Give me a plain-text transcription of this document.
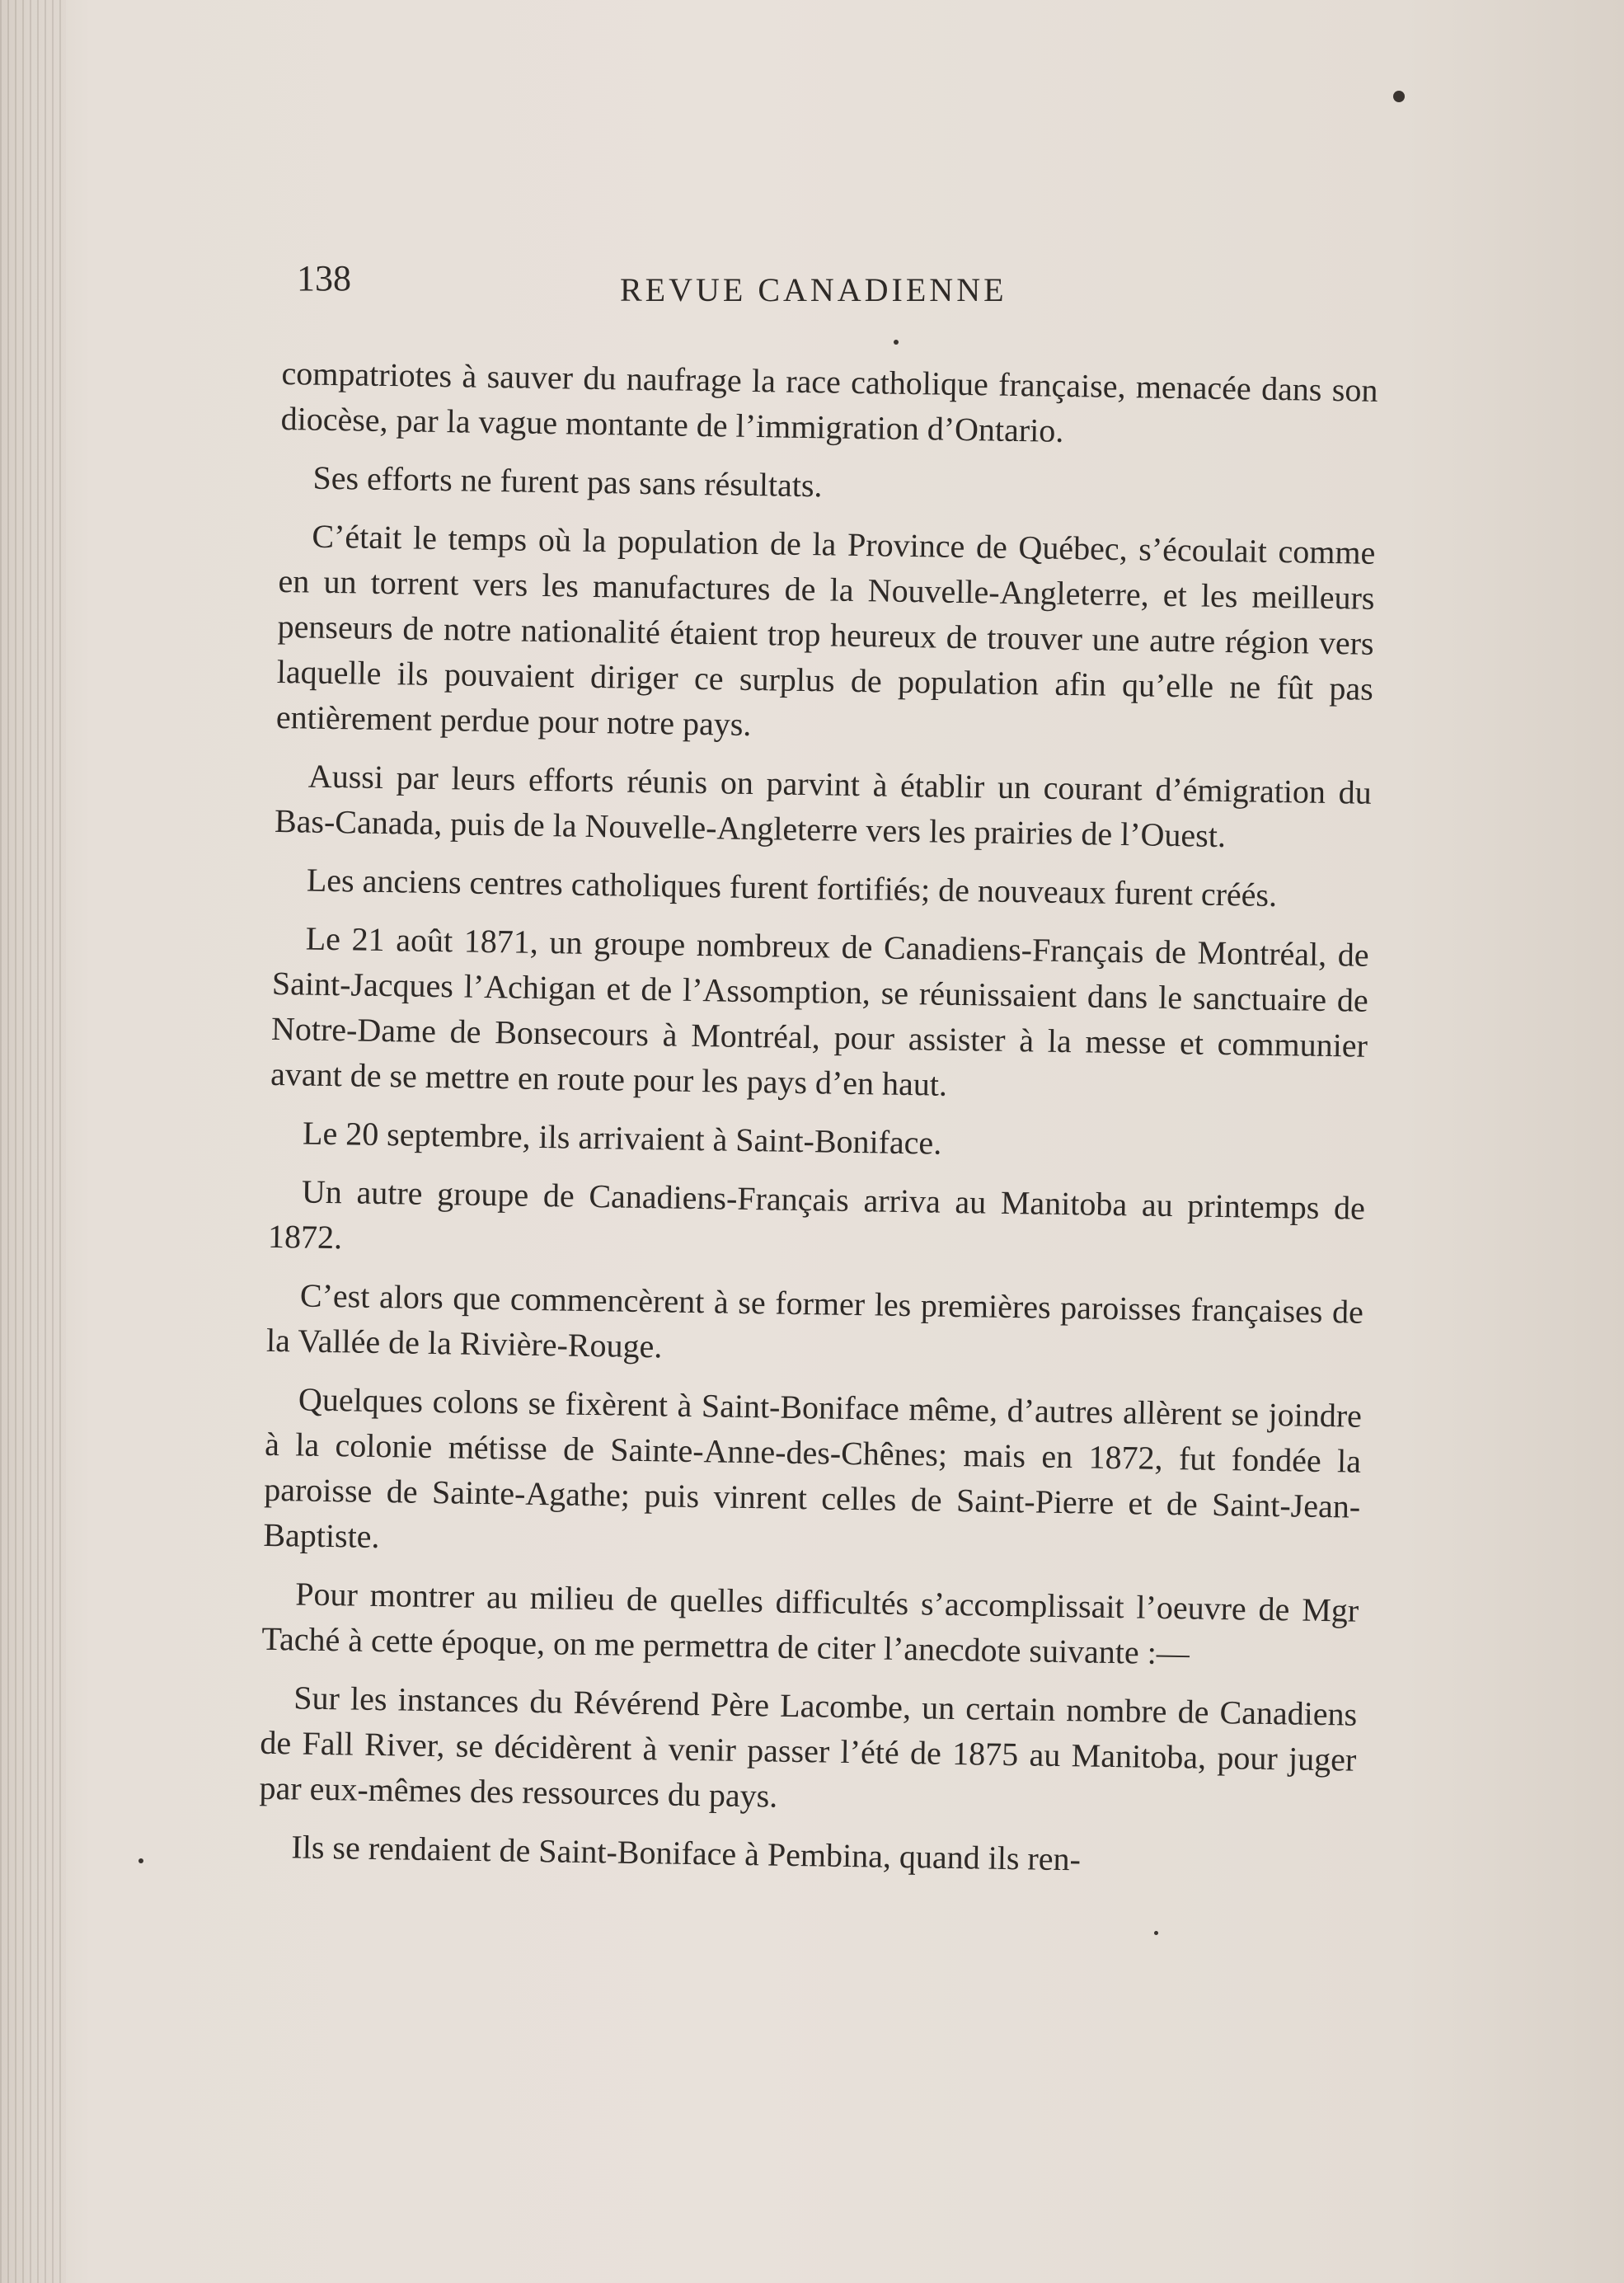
138	REVUE CANADIENNE

compatriotes à sauver du naufrage la race catholique française, menacée dans son diocèse, par la vague montante de l’immigration d’Ontario.

Ses efforts ne furent pas sans résultats.

C’était le temps où la population de la Province de Québec, s’écoulait comme en un torrent vers les manufactures de la Nouvelle-Angleterre, et les meilleurs penseurs de notre nationalité étaient trop heureux de trouver une autre région vers laquelle ils pouvaient diriger ce surplus de population afin qu’elle ne fût pas entièrement perdue pour notre pays.

Aussi par leurs efforts réunis on parvint à établir un courant d’émigration du Bas-Canada, puis de la Nouvelle-Angleterre vers les prairies de l’Ouest.

Les anciens centres catholiques furent fortifiés; de nouveaux furent créés.

Le 21 août 1871, un groupe nombreux de Canadiens-Français de Montréal, de Saint-Jacques l’Achigan et de l’Assomption, se réunissaient dans le sanctuaire de Notre-Dame de Bonsecours à Montréal, pour assister à la messe et communier avant de se mettre en route pour les pays d’en haut.

Le 20 septembre, ils arrivaient à Saint-Boniface.

Un autre groupe de Canadiens-Français arriva au Manitoba au printemps de 1872.

C’est alors que commencèrent à se former les premières paroisses françaises de la Vallée de la Rivière-Rouge.

Quelques colons se fixèrent à Saint-Boniface même, d’autres allèrent se joindre à la colonie métisse de Sainte-Anne-des-Chênes; mais en 1872, fut fondée la paroisse de Sainte-Agathe; puis vinrent celles de Saint-Pierre et de Saint-Jean-Baptiste.

Pour montrer au milieu de quelles difficultés s’accomplissait l’oeuvre de Mgr Taché à cette époque, on me permettra de citer l’anecdote suivante :—

Sur les instances du Révérend Père Lacombe, un certain nombre de Canadiens de Fall River, se décidèrent à venir passer l’été de 1875 au Manitoba, pour juger par eux-mêmes des ressources du pays.

Ils se rendaient de Saint-Boniface à Pembina, quand ils ren-
